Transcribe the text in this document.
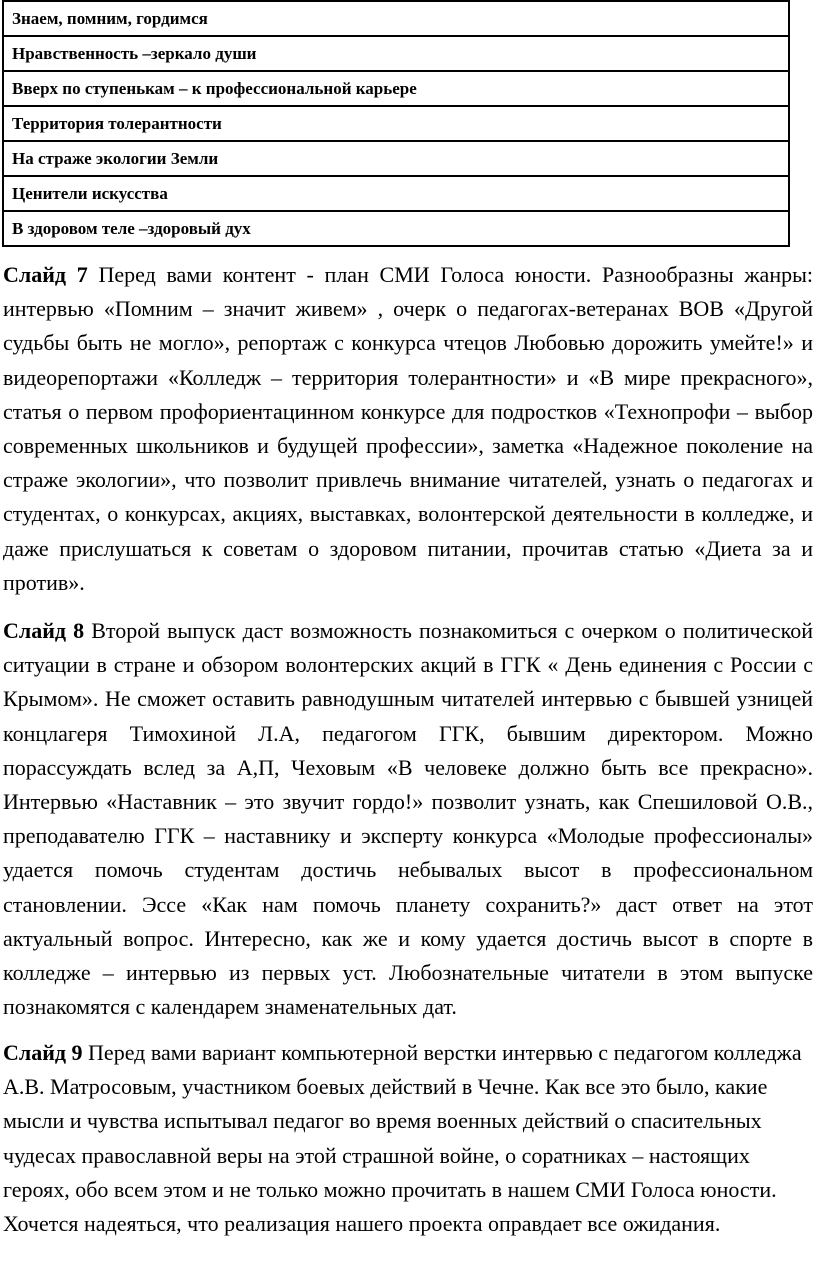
Знаем, помним, гордимся
Нравственность –зеркало души
Вверх по ступенькам – к профессиональной карьере
Территория толерантности
На страже экологии Земли
Ценители искусства
В здоровом теле –здоровый дух

Слайд 7 Перед вами контент - план СМИ Голоса юности. Разнообразны жанры: интервью «Помним – значит живем» , очерк о педагогах-ветеранах ВОВ «Другой судьбы быть не могло», репортаж с конкурса чтецов Любовью дорожить умейте!» и видеорепортажи «Колледж – территория толерантности» и «В мире прекрасного», статья о первом профориентацинном конкурсе для подростков «Технопрофи – выбор современных школьников и будущей профессии», заметка «Надежное поколение на страже экологии», что позволит привлечь внимание читателей, узнать о педагогах и студентах, о конкурсах, акциях, выставках, волонтерской деятельности в колледже, и даже прислушаться к советам о здоровом питании, прочитав статью «Диета за и против».

Слайд 8 Второй выпуск даст возможность познакомиться с очерком о политической ситуации в стране и обзором волонтерских акций в ГГК « День единения с России с Крымом». Не сможет оставить равнодушным читателей интервью с бывшей узницей концлагеря Тимохиной Л.А, педагогом ГГК, бывшим директором. Можно порассуждать вслед за А,П, Чеховым «В человеке должно быть все прекрасно». Интервью «Наставник – это звучит гордо!» позволит узнать, как Спешиловой О.В., преподавателю ГГК – наставнику и эксперту конкурса «Молодые профессионалы» удается помочь студентам достичь небывалых высот в профессиональном становлении. Эссе «Как нам помочь планету сохранить?» даст ответ на этот актуальный вопрос. Интересно, как же и кому удается достичь высот в спорте в колледже – интервью из первых уст. Любознательные читатели в этом выпуске познакомятся с календарем знаменательных дат.

Слайд 9 Перед вами вариант компьютерной верстки интервью с педагогом колледжа А.В. Матросовым, участником боевых действий в Чечне. Как все это было, какие мысли и чувства испытывал педагог во время военных действий о спасительных чудесах православной веры на этой страшной войне, о соратниках – настоящих героях, обо всем этом и не только можно прочитать в нашем СМИ Голоса юности. Хочется надеяться, что реализация нашего проекта оправдает все ожидания.
